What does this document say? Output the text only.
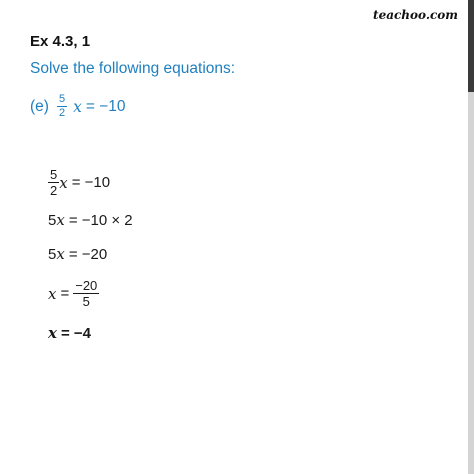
teachoo.com
Ex 4.3, 1
Solve the following equations:
$(e) \frac{5}{2}$ x = −10
$\frac{5}{2}$ x = −10
5 x = −10 × 2
5 x = −20
$x = \frac{-20}{5}$
x = −4
